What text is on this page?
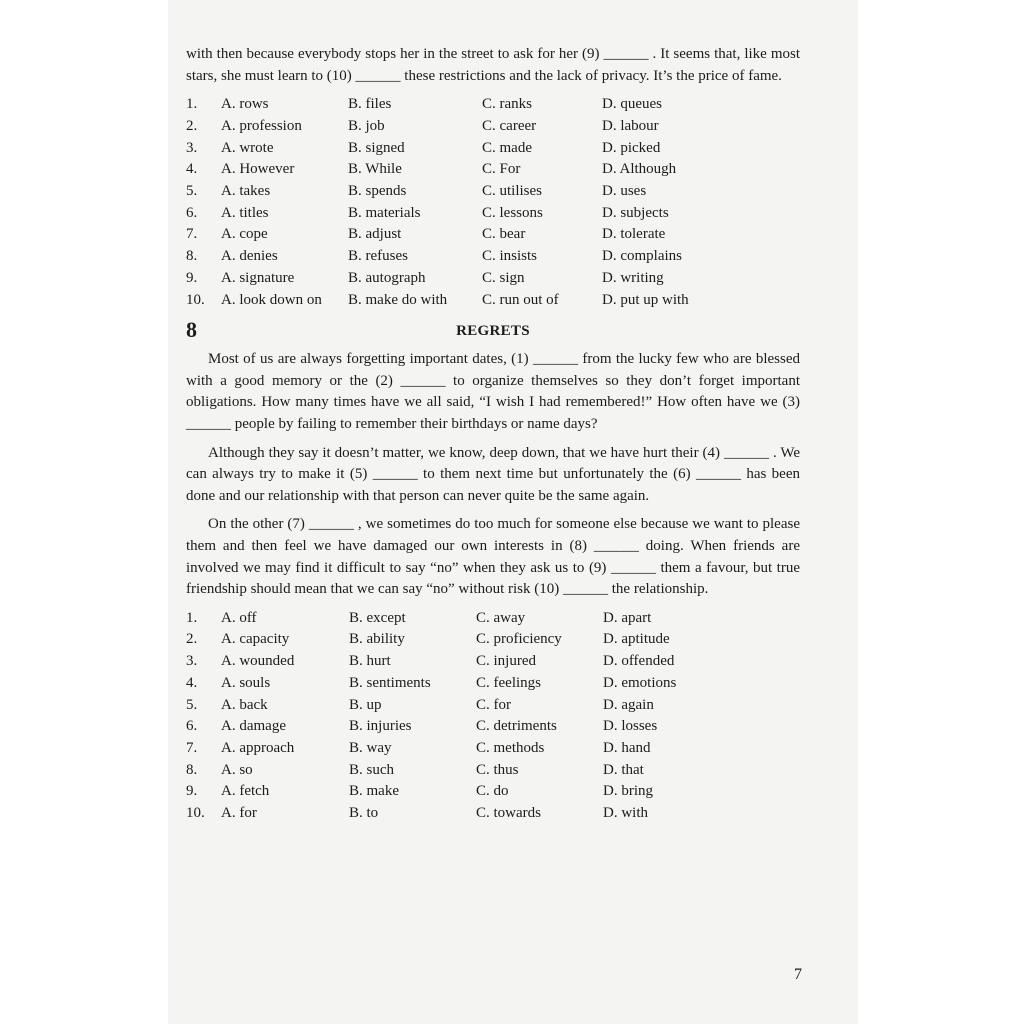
with then because everybody stops her in the street to ask for her (9) ______ . It seems that, like most stars, she must learn to (10) ______ these restrictions and the lack of privacy. It’s the price of fame.

1.	A. rows	B. files	C. ranks	D. queues
2.	A. profession	B. job	C. career	D. labour
3.	A. wrote	B. signed	C. made	D. picked
4.	A. However	B. While	C. For	D. Although
5.	A. takes	B. spends	C. utilises	D. uses
6.	A. titles	B. materials	C. lessons	D. subjects
7.	A. cope	B. adjust	C. bear	D. tolerate
8.	A. denies	B. refuses	C. insists	D. complains
9.	A. signature	B. autograph	C. sign	D. writing
10.	A. look down on	B. make do with	C. run out of	D. put up with
8	REGRETS

Most of us are always forgetting important dates, (1) ______ from the lucky few who are blessed with a good memory or the (2) ______ to organize themselves so they don’t forget important obligations. How many times have we all said, “I wish I had remembered!” How often have we (3) ______ people by failing to remember their birthdays or name days?

Although they say it doesn’t matter, we know, deep down, that we have hurt their (4) ______ . We can always try to make it (5) ______ to them next time but unfortunately the (6) ______ has been done and our relationship with that person can never quite be the same again.

On the other (7) ______ , we sometimes do too much for someone else because we want to please them and then feel we have damaged our own interests in (8) ______ doing. When friends are involved we may find it difficult to say “no” when they ask us to (9) ______ them a favour, but true friendship should mean that we can say “no” without risk (10) ______ the relationship.

1.	A. off	B. except	C. away	D. apart
2.	A. capacity	B. ability	C. proficiency	D. aptitude
3.	A. wounded	B. hurt	C. injured	D. offended
4.	A. souls	B. sentiments	C. feelings	D. emotions
5.	A. back	B. up	C. for	D. again
6.	A. damage	B. injuries	C. detriments	D. losses
7.	A. approach	B. way	C. methods	D. hand
8.	A. so	B. such	C. thus	D. that
9.	A. fetch	B. make	C. do	D. bring
10.	A. for	B. to	C. towards	D. with
7
